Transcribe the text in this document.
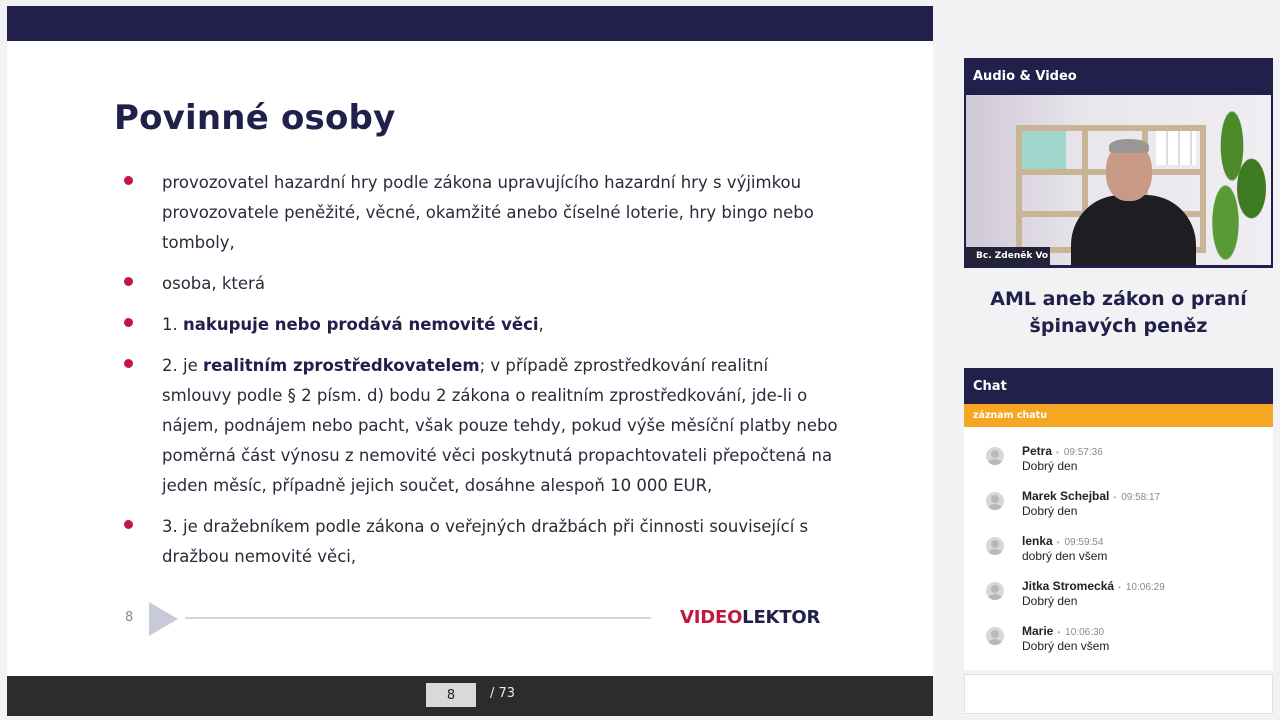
Povinné osoby
provozovatel hazardní hry podle zákona upravujícího hazardní hry s výjimkou provozovatele peněžité, věcné, okamžité anebo číselné loterie, hry bingo nebo tomboly,
osoba, která
1. nakupuje nebo prodává nemovité věci,
2. je realitním zprostředkovatelem; v případě zprostředkování realitní smlouvy podle § 2 písm. d) bodu 2 zákona o realitním zprostředkování, jde-li o nájem, podnájem nebo pacht, však pouze tehdy, pokud výše měsíční platby nebo poměrná část výnosu z nemovité věci poskytnutá propachtovateli přepočtená na jeden měsíc, případně jejich součet, dosáhne alespoň 10 000 EUR,
3. je dražebníkem podle zákona o veřejných dražbách při činnosti související s dražbou nemovité věci,
8	VIDEOLEKTOR
8
/ 73
Audio & Video
Bc. Zdeněk Vo
AML aneb zákon o praní špinavých peněz
Chat
záznam chatu
Petra • 09:57:36
Dobrý den
Marek Schejbal • 09:58:17
Dobrý den
lenka • 09:59:54
dobrý den všem
Jitka Stromecká • 10:06:29
Dobrý den
Marie • 10:06:30
Dobrý den všem
